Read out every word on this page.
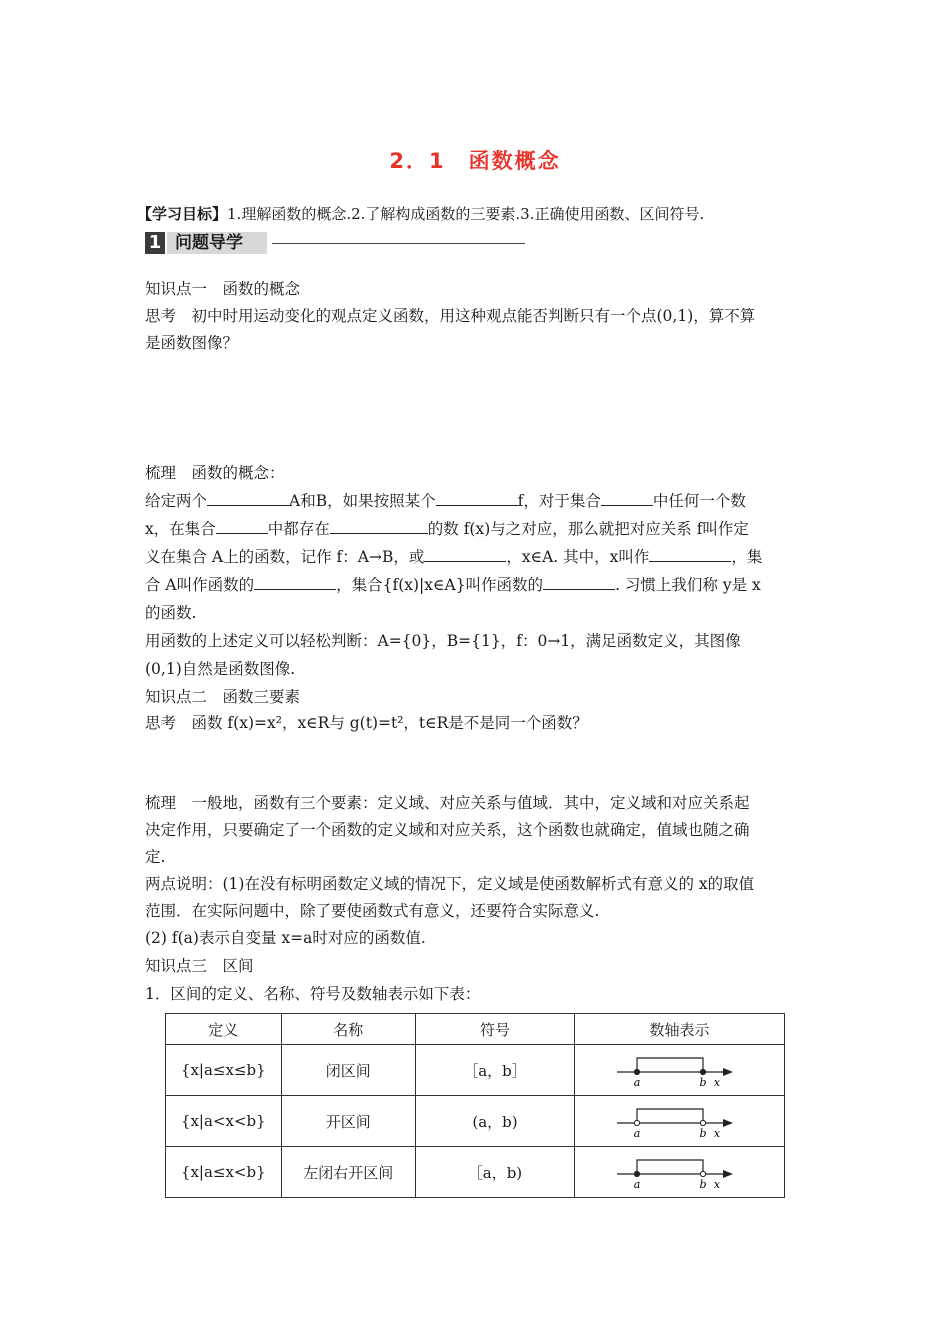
2．1　函数概念
【学习目标】1.理解函数的概念.2.了解构成函数的三要素.3.正确使用函数、区间符号.
1 问题导学
知识点一　函数的概念
思考　初中时用运动变化的观点定义函数，用这种观点能否判断只有一个点(0,1)，算不算
是函数图像？
梳理　函数的概念：
给定两个	A和B，如果按照某个	f，对于集合	中任何一个数
x，在集合	中都存在	的数 f(x)与之对应，那么就把对应关系 f叫作定
义在集合 A上的函数，记作 f：A→B，或	，x∈A. 其中，x叫作	，集
合 A叫作函数的	，集合{f(x)|x∈A}叫作函数的	. 习惯上我们称 y是 x
的函数.
用函数的上述定义可以轻松判断：A={0}，B={1}，f：0→1，满足函数定义，其图像
(0,1)自然是函数图像.
知识点二　函数三要素
思考　函数 f(x)=x²，x∈R与 g(t)=t²，t∈R是不是同一个函数？
梳理　一般地，函数有三个要素：定义域、对应关系与值域．其中，定义域和对应关系起
决定作用，只要确定了一个函数的定义域和对应关系，这个函数也就确定，值域也随之确
定.
两点说明：(1)在没有标明函数定义域的情况下，定义域是使函数解析式有意义的 x的取值
范围．在实际问题中，除了要使函数式有意义，还要符合实际意义.
(2) f(a)表示自变量 x=a时对应的函数值.
知识点三　区间
1．区间的定义、名称、符号及数轴表示如下表：
定义	名称	符号	数轴表示
{x|a≤x≤b}	闭区间	［a，b］	a b x

{x|a<x<b}	开区间	(a，b)	a b x

{x|a≤x<b}	左闭右开区间	［a，b)	a b x
